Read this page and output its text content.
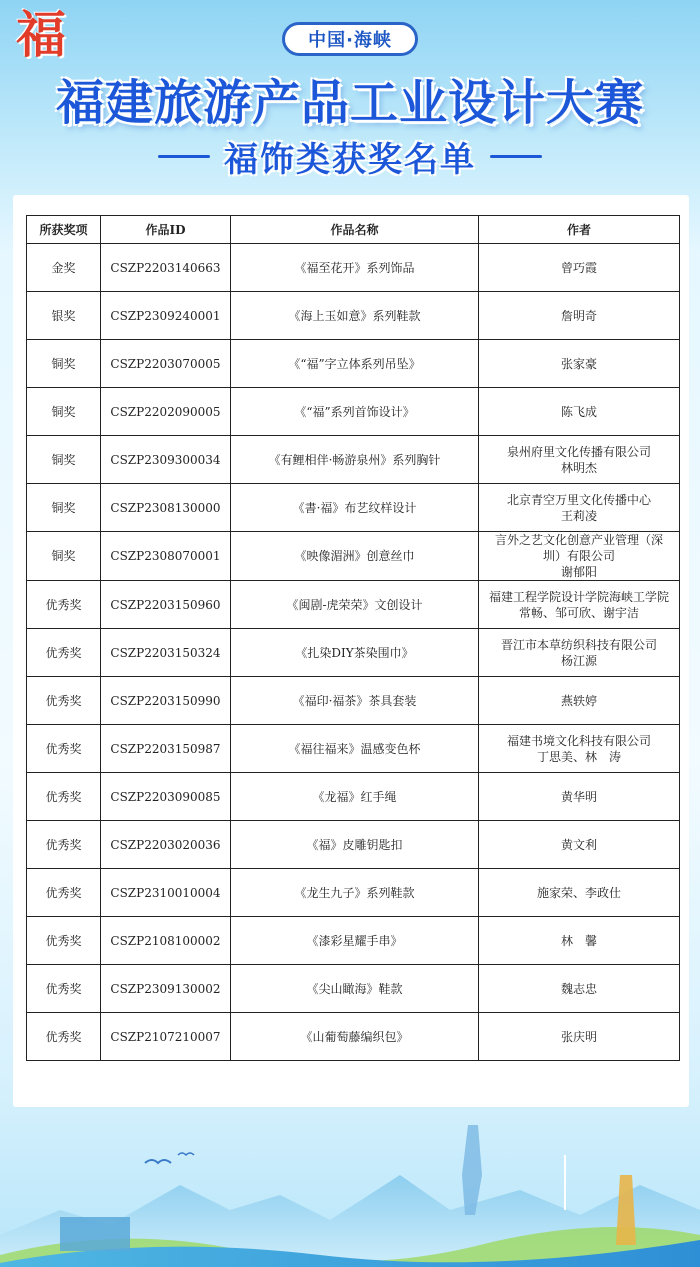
福	中国·海峡
福建旅游产品工业设计大赛
福饰类获奖名单
所获奖项	作品ID	作品名称	作者
金奖	CSZP2203140663	《福至花开》系列饰品	曾巧霞

银奖	CSZP2309240001	《海上玉如意》系列鞋款	詹明奇

铜奖	CSZP2203070005	《“福”字立体系列吊坠》	张家豪

铜奖	CSZP2202090005	《“福”系列首饰设计》	陈飞成

铜奖	CSZP2309300034	《有鲤相伴·畅游泉州》系列胸针	泉州府里文化传播有限公司
林明杰

铜奖	CSZP2308130000	《書·福》布艺纹样设计	北京青空万里文化传播中心
王莉凌

铜奖	CSZP2308070001	《映像湄洲》创意丝巾	言外之艺文化创意产业管理（深
圳）有限公司
谢郁阳

优秀奖	CSZP2203150960	《闽剧-虎荣荣》文创设计	福建工程学院设计学院海峡工学院
常畅、邹可欣、谢宇洁

优秀奖	CSZP2203150324	《扎染DIY茶染围巾》	晋江市本草纺织科技有限公司
杨江源

优秀奖	CSZP2203150990	《福印·福茶》茶具套装	燕轶婷

优秀奖	CSZP2203150987	《福往福来》温感变色杯	福建书境文化科技有限公司
丁思美、林　涛

优秀奖	CSZP2203090085	《龙福》红手绳	黄华明

优秀奖	CSZP2203020036	《福》皮雕钥匙扣	黄文利

优秀奖	CSZP2310010004	《龙生九子》系列鞋款	施家荣、李政仕

优秀奖	CSZP2108100002	《漆彩星耀手串》	林　馨

优秀奖	CSZP2309130002	《尖山瞰海》鞋款	魏志忠

优秀奖	CSZP2107210007	《山葡萄藤编织包》	张庆明
